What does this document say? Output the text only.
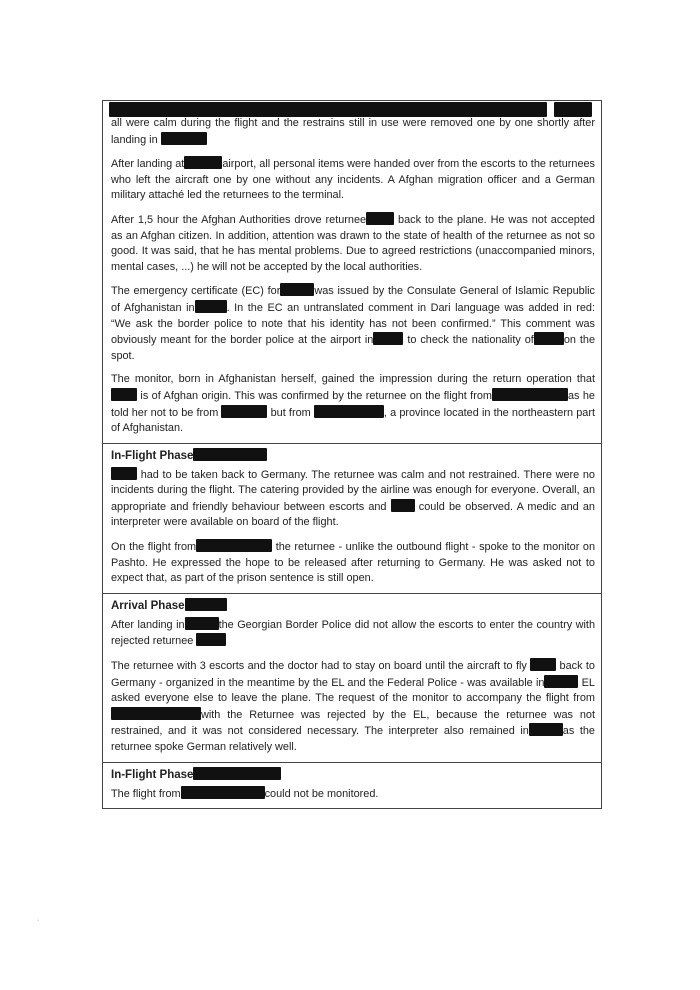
all were calm during the flight and the restrains still in use were removed one by one shortly after landing in

After landing at	airport, all personal items were handed over from the escorts to the returnees who left the aircraft one by one without any incidents. A Afghan migration officer and a German military attaché led the returnees to the terminal.

After 1,5 hour the Afghan Authorities drove returnee	back to the plane. He was not accepted as an Afghan citizen. In addition, attention was drawn to the state of health of the returnee as not so good. It was said, that he has mental problems. Due to agreed restrictions (unaccompanied minors, mental cases, ...) he will not be accepted by the local authorities.

The emergency certificate (EC) for	was issued by the Consulate General of Islamic Republic of Afghanistan in	. In the EC an untranslated comment in Dari language was added in red: “We ask the border police to note that his identity has not been confirmed.” This comment was obviously meant for the border police at the airport in	to check the nationality of	on the spot.

The monitor, born in Afghanistan herself, gained the impression during the return operation that  is of Afghan origin. This was confirmed by the returnee on the flight from	as he told her not to be from	but from	, a province located in the northeastern part of Afghanistan.

In-Flight Phase

had to be taken back to Germany. The returnee was calm and not restrained. There were no incidents during the flight. The catering provided by the airline was enough for everyone. Overall, an appropriate and friendly behaviour between escorts and	could be observed. A medic and an interpreter were available on board of the flight.

On the flight from	the returnee - unlike the outbound flight - spoke to the monitor on Pashto. He expressed the hope to be released after returning to Germany. He was asked not to expect that, as part of the prison sentence is still open.

Arrival Phase

After landing in	the Georgian Border Police did not allow the escorts to enter the country with rejected returnee

The returnee with 3 escorts and the doctor had to stay on board until the aircraft to fly	back to Germany - organized in the meantime by the EL and the Federal Police - was available in	EL asked everyone else to leave the plane. The request of the monitor to accompany the flight fromwith the Returnee was rejected by the EL, because the returnee was not restrained, and it was not considered necessary. The interpreter also remained in	as the returnee spoke German relatively well.

In-Flight Phase

The flight from	could not be monitored.

·
